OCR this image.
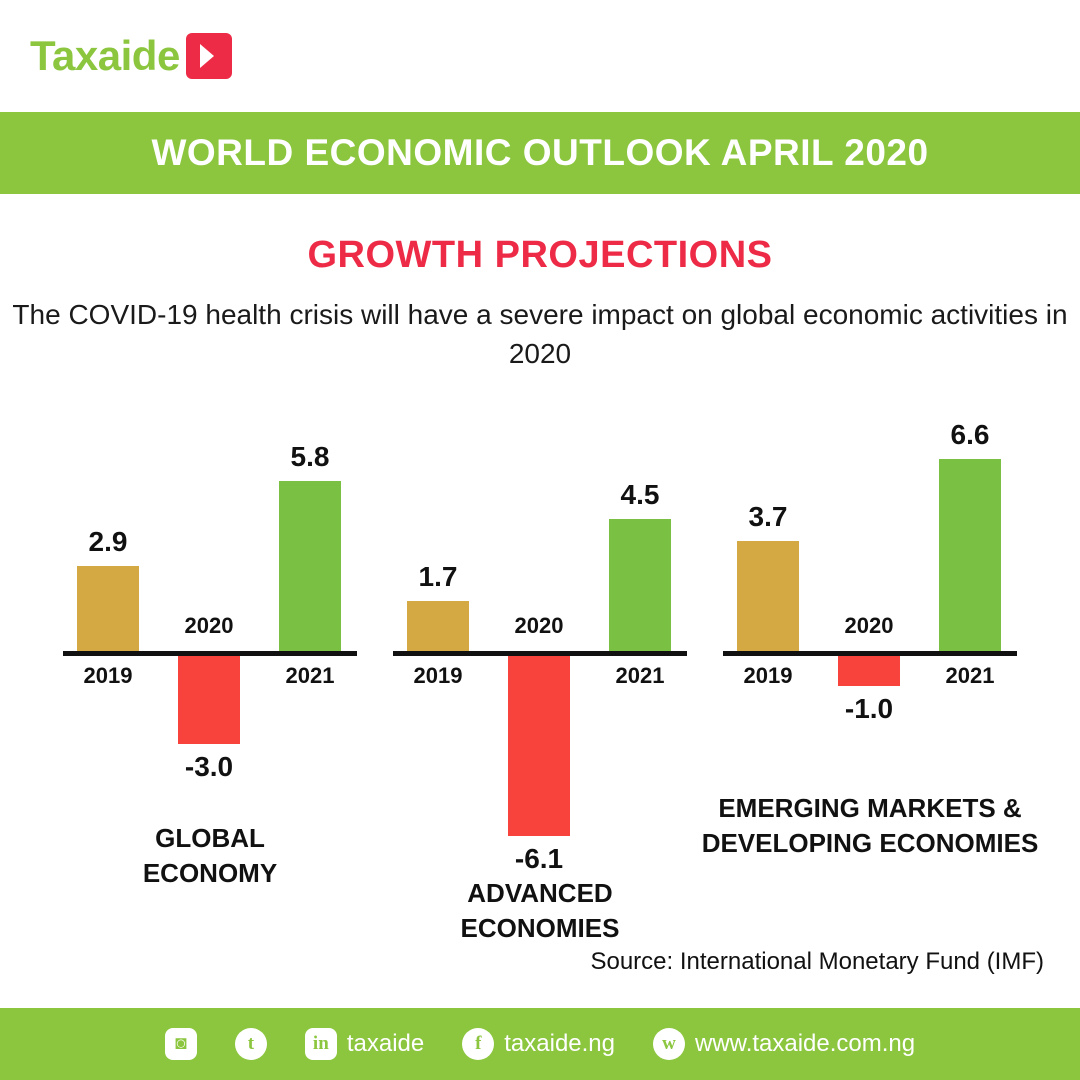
Taxaide
WORLD ECONOMIC OUTLOOK APRIL 2020
GROWTH PROJECTIONS
The COVID-19 health crisis will have a severe impact on global economic activities in 2020
2.9
2019
2020
-3.0
5.8
2021
GLOBAL
ECONOMY
1.7
2019
2020
-6.1
4.5
2021
ADVANCED
ECONOMIES
3.7
2019
2020
-1.0
6.6
2021
EMERGING MARKETS &
DEVELOPING ECONOMIES
Source: International Monetary Fund (IMF)
◙	t	in taxaide	f taxaide.ng	w www.taxaide.com.ng
